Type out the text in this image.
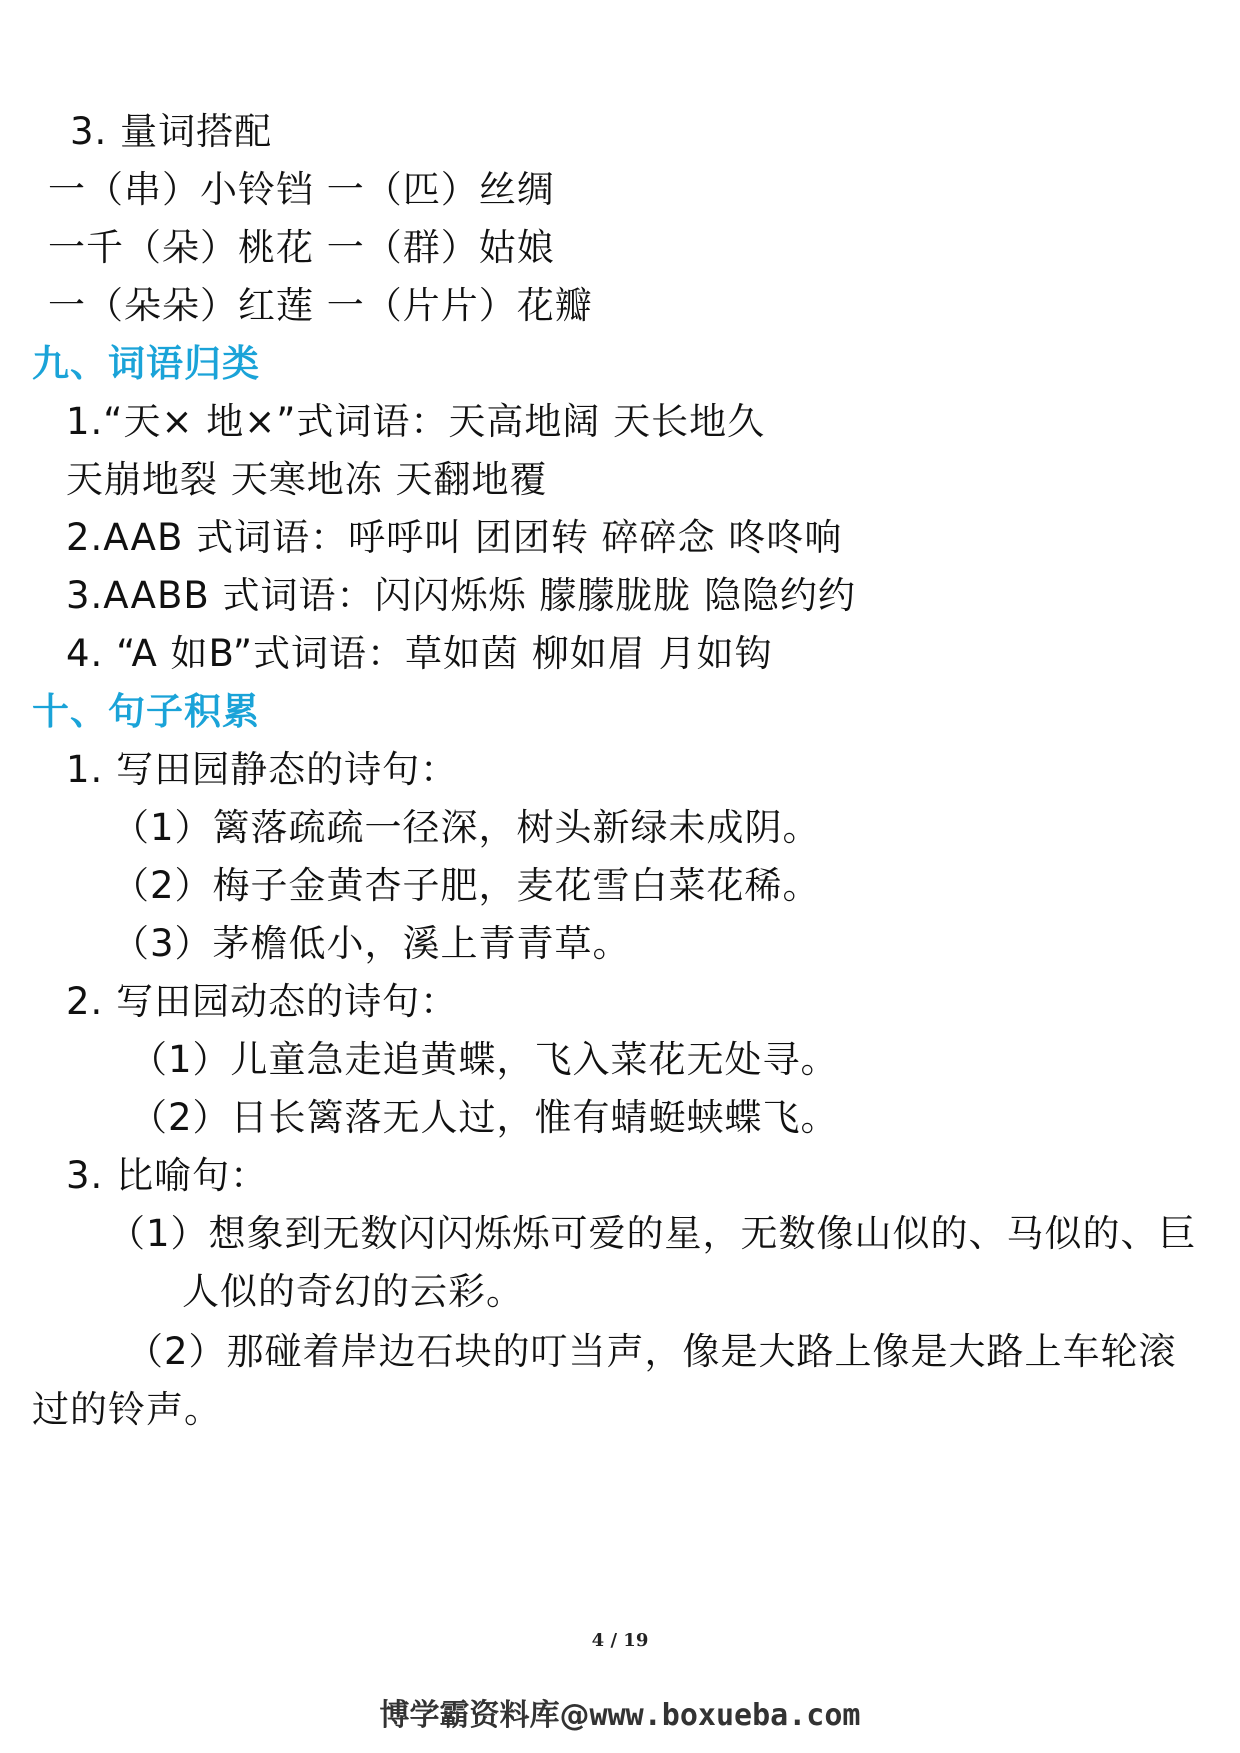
3. 量词搭配
一（串）小铃铛 一（匹）丝绸
一千（朵）桃花 一（群）姑娘
一（朵朵）红莲 一（片片）花瓣
九、词语归类
1.“天× 地×”式词语：天高地阔 天长地久
天崩地裂 天寒地冻 天翻地覆
2.AAB 式词语：呼呼叫 团团转 碎碎念 咚咚响
3.AABB 式词语：闪闪烁烁 朦朦胧胧 隐隐约约
4. “A 如B”式词语：草如茵 柳如眉 月如钩
十、句子积累
1. 写田园静态的诗句：
（1）篱落疏疏一径深，树头新绿未成阴。
（2）梅子金黄杏子肥，麦花雪白菜花稀。
（3）茅檐低小，溪上青青草。
2. 写田园动态的诗句：
（1）儿童急走追黄蝶，飞入菜花无处寻。
（2）日长篱落无人过，惟有蜻蜓蛱蝶飞。
3. 比喻句：
（1）想象到无数闪闪烁烁可爱的星，无数像山似的、马似的、巨
人似的奇幻的云彩。
（2）那碰着岸边石块的叮当声，像是大路上像是大路上车轮滚
过的铃声。
4 / 19
博学霸资料库@www.boxueba.com
